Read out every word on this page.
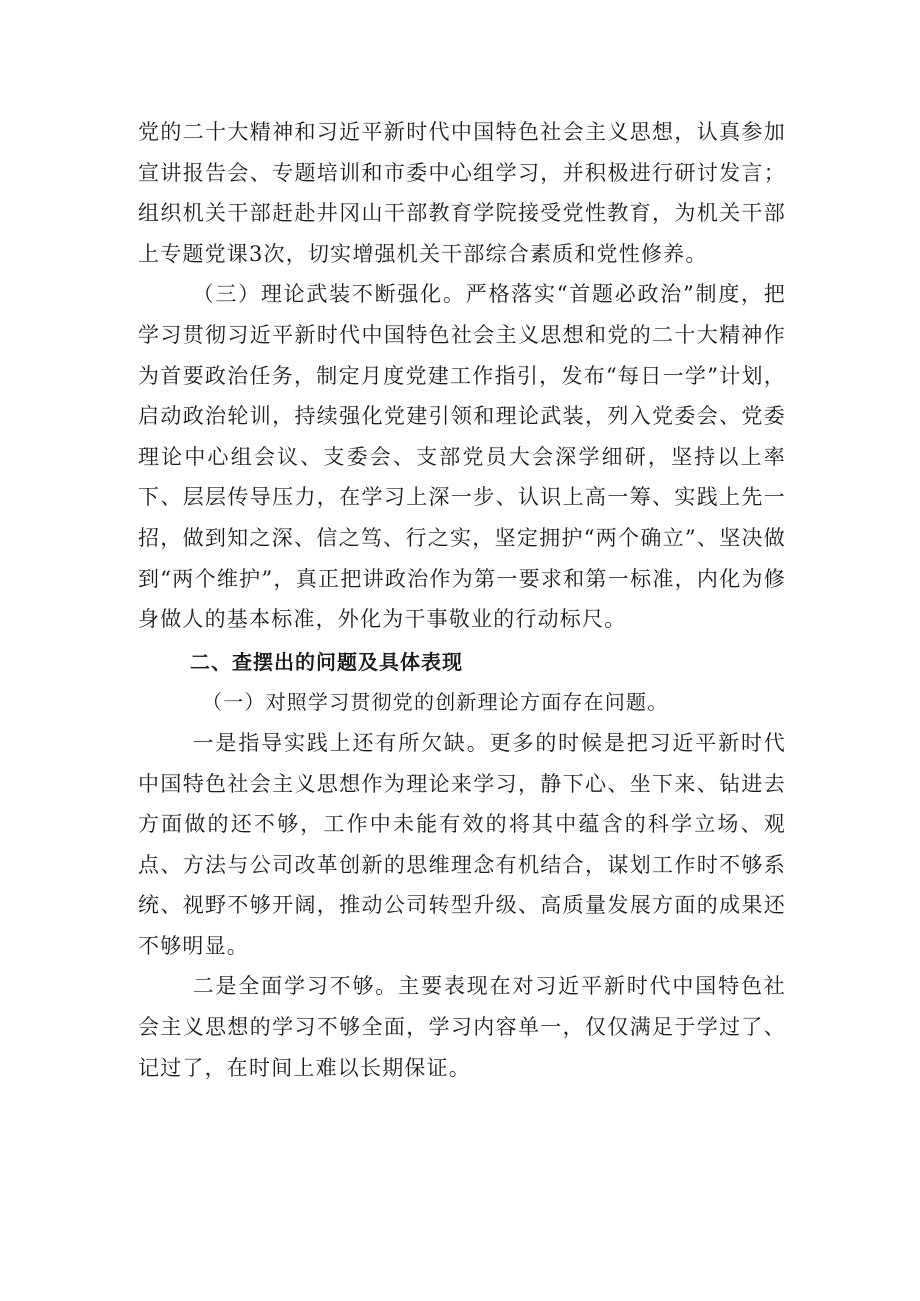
党的二十大精神和习近平新时代中国特色社会主义思想，认真参加宣讲报告会、专题培训和市委中心组学习，并积极进行研讨发言；组织机关干部赶赴井冈山干部教育学院接受党性教育，为机关干部上专题党课3次，切实增强机关干部综合素质和党性修养。

（三）理论武装不断强化。严格落实“首题必政治”制度，把学习贯彻习近平新时代中国特色社会主义思想和党的二十大精神作为首要政治任务，制定月度党建工作指引，发布“每日一学”计划，启动政治轮训，持续强化党建引领和理论武装，列入党委会、党委理论中心组会议、支委会、支部党员大会深学细研，坚持以上率下、层层传导压力，在学习上深一步、认识上高一筹、实践上先一招，做到知之深、信之笃、行之实，坚定拥护“两个确立”、坚决做到“两个维护”，真正把讲政治作为第一要求和第一标准，内化为修身做人的基本标准，外化为干事敬业的行动标尺。

二、查摆出的问题及具体表现

（一）对照学习贯彻党的创新理论方面存在问题。

一是指导实践上还有所欠缺。更多的时候是把习近平新时代中国特色社会主义思想作为理论来学习，静下心、坐下来、钻进去方面做的还不够，工作中未能有效的将其中蕴含的科学立场、观点、方法与公司改革创新的思维理念有机结合，谋划工作时不够系统、视野不够开阔，推动公司转型升级、高质量发展方面的成果还不够明显。

二是全面学习不够。主要表现在对习近平新时代中国特色社会主义思想的学习不够全面，学习内容单一，仅仅满足于学过了、记过了，在时间上难以长期保证。
